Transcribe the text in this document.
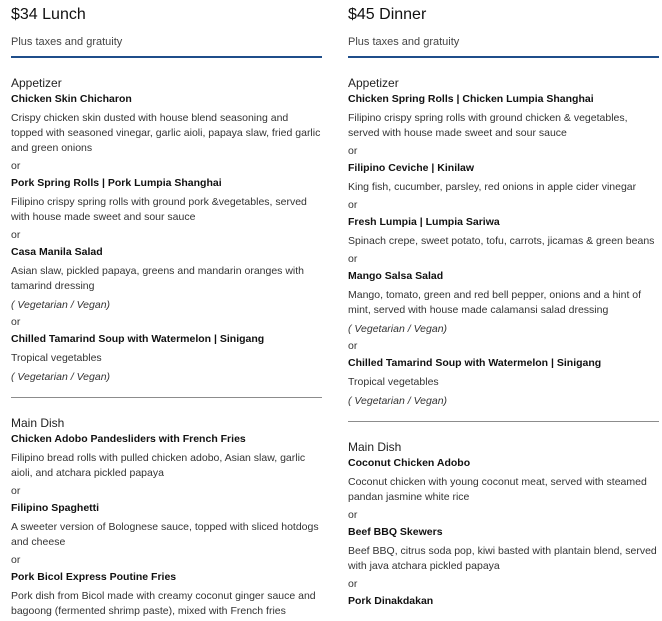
$34 Lunch
Plus taxes and gratuity
Appetizer
Chicken Skin Chicharon
Crispy chicken skin dusted with house blend seasoning and topped with seasoned vinegar, garlic aioli, papaya slaw, fried garlic and green onions
or
Pork Spring Rolls | Pork Lumpia Shanghai
Filipino crispy spring rolls with ground pork &vegetables, served with house made sweet and sour sauce
or
Casa Manila Salad
Asian slaw, pickled papaya, greens and mandarin oranges with tamarind dressing
( Vegetarian / Vegan)
or
Chilled Tamarind Soup with Watermelon | Sinigang
Tropical vegetables
( Vegetarian / Vegan)
Main Dish
Chicken Adobo Pandesliders with French Fries
Filipino bread rolls with pulled chicken adobo, Asian slaw, garlic aioli, and atchara pickled papaya
or
Filipino Spaghetti
A sweeter version of Bolognese sauce, topped with sliced hotdogs and cheese
or
Pork Bicol Express Poutine Fries
Pork dish from Bicol made with creamy coconut ginger sauce and bagoong (fermented shrimp paste), mixed with French fries
$45 Dinner
Plus taxes and gratuity
Appetizer
Chicken Spring Rolls | Chicken Lumpia Shanghai
Filipino crispy spring rolls with ground chicken & vegetables, served with house made sweet and sour sauce
or
Filipino Ceviche | Kinilaw
King fish, cucumber, parsley, red onions in apple cider vinegar
or
Fresh Lumpia | Lumpia Sariwa
Spinach crepe, sweet potato, tofu, carrots, jicamas & green beans
or
Mango Salsa Salad
Mango, tomato, green and red bell pepper, onions and a hint of mint, served with house made calamansi salad dressing
( Vegetarian / Vegan)
or
Chilled Tamarind Soup with Watermelon | Sinigang
Tropical vegetables
( Vegetarian / Vegan)
Main Dish
Coconut Chicken Adobo
Coconut chicken with young coconut meat, served with steamed pandan jasmine white rice
or
Beef BBQ Skewers
Beef BBQ, citrus soda pop, kiwi basted with plantain blend, served with java atchara pickled papaya
or
Pork Dinakdakan
